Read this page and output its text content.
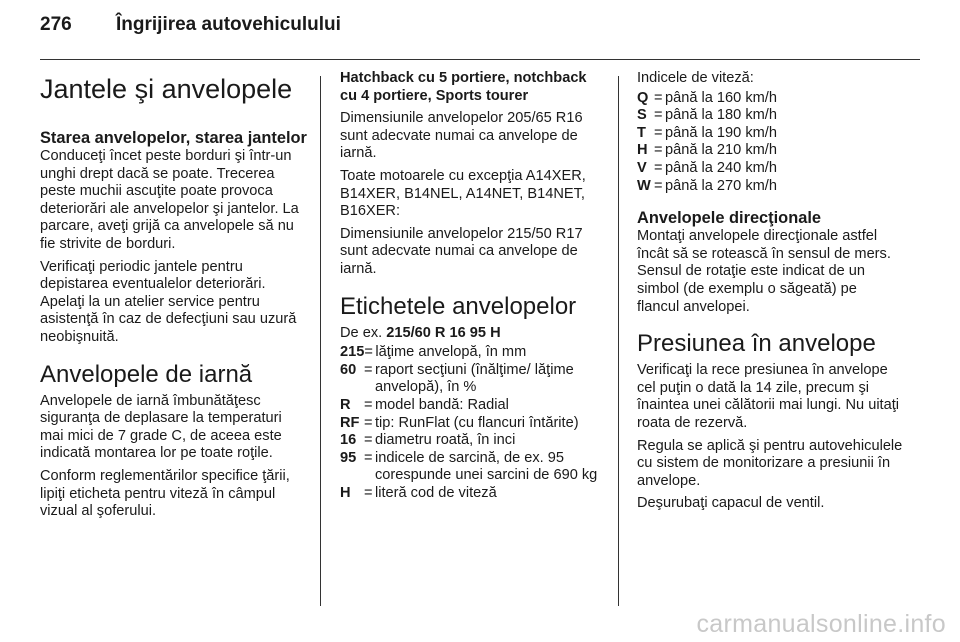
276 Îngrijirea autovehiculului
Jantele şi anvelopele
Starea anvelopelor, starea jantelor

Conduceţi încet peste borduri şi într-un unghi drept dacă se poate. Trecerea peste muchii ascuţite poate provoca deteriorări ale anvelopelor şi jantelor. La parcare, aveţi grijă ca anvelopele să nu fie strivite de borduri.

Verificaţi periodic jantele pentru depistarea eventualelor deteriorări. Apelaţi la un atelier service pentru asistenţă în caz de defecţiuni sau uzură neobişnuită.

Anvelopele de iarnă

Anvelopele de iarnă îmbunătăţesc siguranţa de deplasare la temperaturi mai mici de 7 grade C, de aceea este indicată montarea lor pe toate roţile.

Conform reglementărilor specifice ţării, lipiţi eticheta pentru viteză în câmpul vizual al şoferului.

Hatchback cu 5 portiere, notchback cu 4 portiere, Sports tourer

Dimensiunile anvelopelor 205/65 R16 sunt adecvate numai ca anvelope de iarnă.

Toate motoarele cu excepţia A14XER, B14XER, B14NEL, A14NET, B14NET, B16XER:

Dimensiunile anvelopelor 215/50 R17 sunt adecvate numai ca anvelope de iarnă.

Etichetele anvelopelor

De ex. 215/60 R 16 95 H

215 = lăţime anvelopă, în mm
60 = raport secţiuni (înălţime/ lăţime anvelopă), în %
R = model bandă: Radial
RF = tip: RunFlat (cu flancuri întărite)
16 = diametru roată, în inci
95 = indicele de sarcină, de ex. 95 corespunde unei sarcini de 690 kg
H = literă cod de viteză

Indicele de viteză:

Q = până la 160 km/h
S = până la 180 km/h
T = până la 190 km/h
H = până la 210 km/h
V = până la 240 km/h
W = până la 270 km/h
Anvelopele direcţionale

Montaţi anvelopele direcţionale astfel încât să se rotească în sensul de mers. Sensul de rotaţie este indicat de un simbol (de exemplu o săgeată) pe flancul anvelopei.

Presiunea în anvelope

Verificaţi la rece presiunea în anvelope cel puţin o dată la 14 zile, precum şi înaintea unei călătorii mai lungi. Nu uitaţi roata de rezervă.

Regula se aplică şi pentru autovehiculele cu sistem de monitorizare a presiunii în anvelope.

Deşurubaţi capacul de ventil.

carmanualsonline.info
